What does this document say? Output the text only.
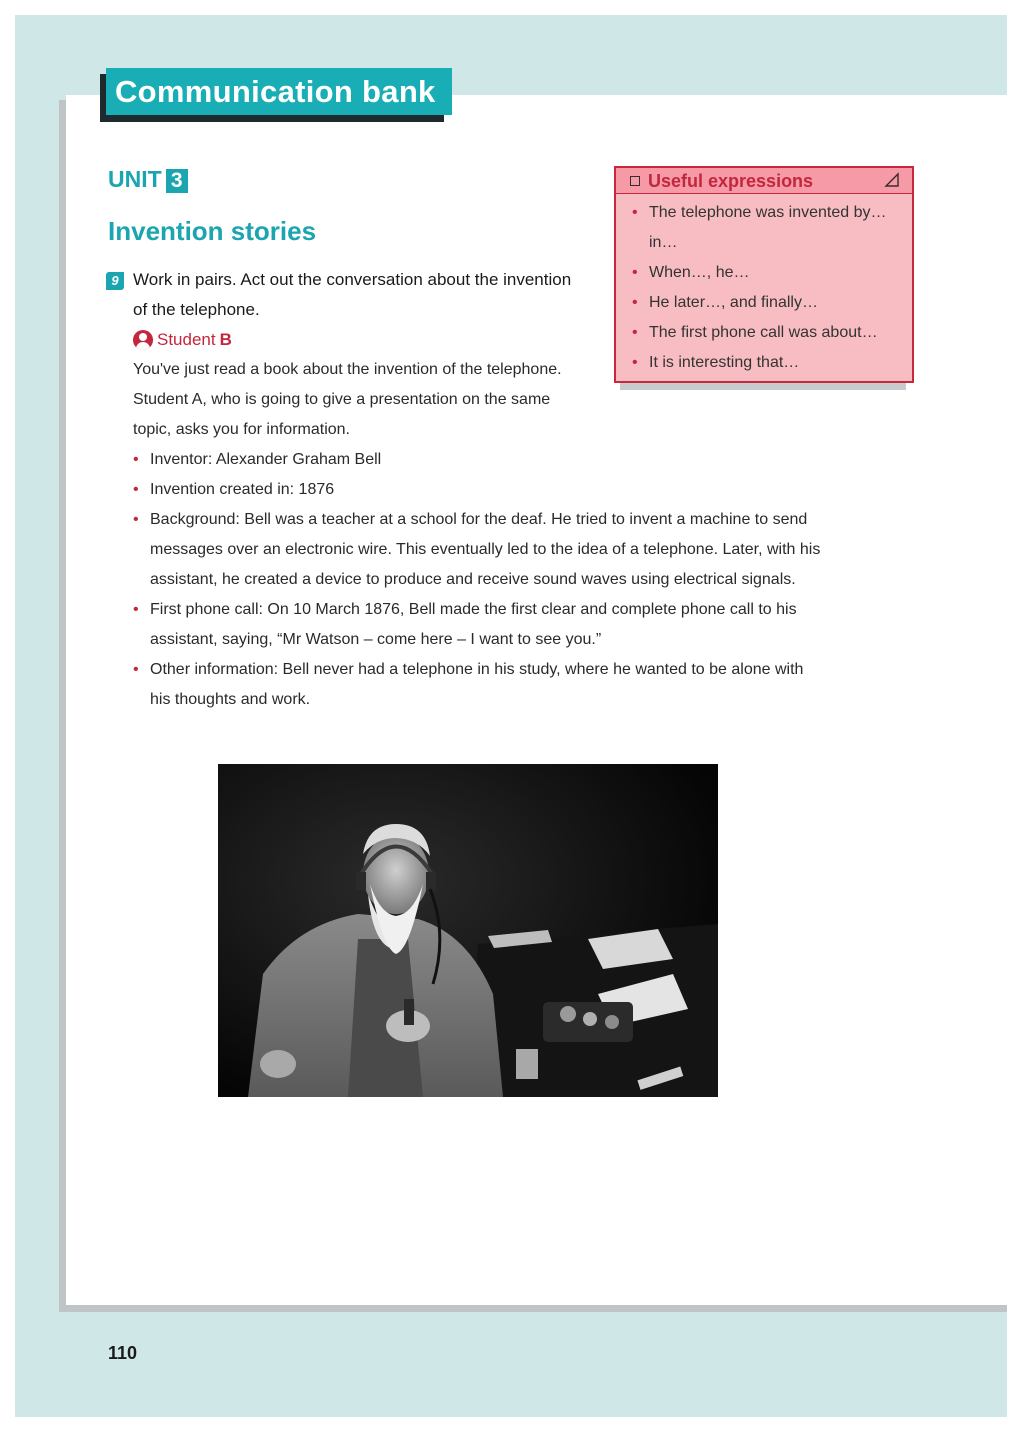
Communication bank
UNIT 3
Invention stories
9 Work in pairs. Act out the conversation about the invention of the telephone.
Student B
You've just read a book about the invention of the telephone. Student A, who is going to give a presentation on the same topic, asks you for information.
• Inventor: Alexander Graham Bell
• Invention created in: 1876
• Background: Bell was a teacher at a school for the deaf. He tried to invent a machine to send messages over an electronic wire. This eventually led to the idea of a telephone. Later, with his assistant, he created a device to produce and receive sound waves using electrical signals.
• First phone call: On 10 March 1876, Bell made the first clear and complete phone call to his assistant, saying, “Mr Watson – come here – I want to see you.”
• Other information: Bell never had a telephone in his study, where he wanted to be alone with his thoughts and work.
Useful expressions
• The telephone was invented by… in…
• When…, he…
• He later…, and finally…
• The first phone call was about…
• It is interesting that…
110
